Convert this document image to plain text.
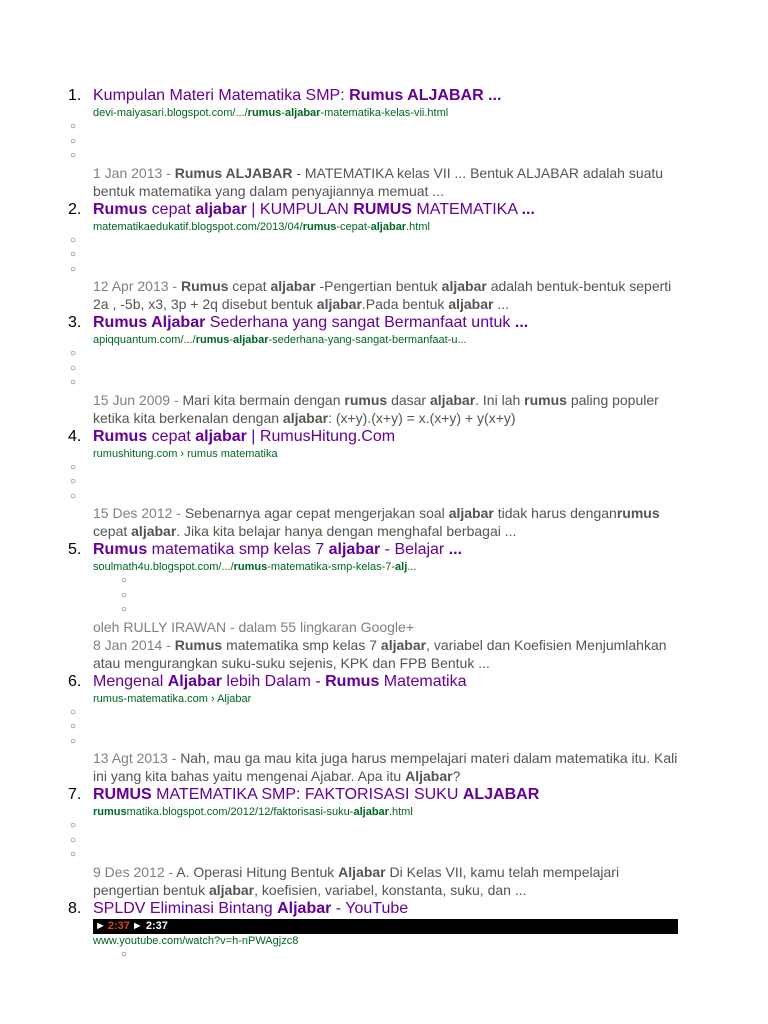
1. Kumpulan Materi Matematika SMP: Rumus ALJABAR ...
devi-maiyasari.blogspot.com/.../rumus-aljabar-matematika-kelas-vii.html
○
○
○
1 Jan 2013 - Rumus ALJABAR - MATEMATIKA kelas VII ... Bentuk ALJABAR adalah suatu bentuk matematika yang dalam penyajiannya memuat ...
2. Rumus cepat aljabar | KUMPULAN RUMUS MATEMATIKA ...
matematikaedukatif.blogspot.com/2013/04/rumus-cepat-aljabar.html
○
○
○
12 Apr 2013 - Rumus cepat aljabar -Pengertian bentuk aljabar adalah bentuk-bentuk seperti 2a , -5b, x3, 3p + 2q disebut bentuk aljabar.Pada bentuk aljabar ...
3. Rumus Aljabar Sederhana yang sangat Bermanfaat untuk ...
apiqquantum.com/.../rumus-aljabar-sederhana-yang-sangat-bermanfaat-u...
○
○
○
15 Jun 2009 - Mari kita bermain dengan rumus dasar aljabar. Ini lah rumus paling populer ketika kita berkenalan dengan aljabar: (x+y).(x+y) = x.(x+y) + y(x+y)
4. Rumus cepat aljabar | RumusHitung.Com
rumushitung.com › rumus matematika
○
○
○
15 Des 2012 - Sebenarnya agar cepat mengerjakan soal aljabar tidak harus denganrumus cepat aljabar. Jika kita belajar hanya dengan menghafal berbagai ...
5. Rumus matematika smp kelas 7 aljabar - Belajar ...
soulmath4u.blogspot.com/.../rumus-matematika-smp-kelas-7-alj...
○
○
○
oleh RULLY IRAWAN - dalam 55 lingkaran Google+
8 Jan 2014 - Rumus matematika smp kelas 7 aljabar, variabel dan Koefisien Menjumlahkan atau mengurangkan suku-suku sejenis, KPK dan FPB Bentuk ...
6. Mengenal Aljabar lebih Dalam - Rumus Matematika
rumus-matematika.com › Aljabar
○
○
○
13 Agt 2013 - Nah, mau ga mau kita juga harus mempelajari materi dalam matematika itu. Kali ini yang kita bahas yaitu mengenai Ajabar. Apa itu Aljabar?
7. RUMUS MATEMATIKA SMP: FAKTORISASI SUKU ALJABAR
rumusmatika.blogspot.com/2012/12/faktorisasi-suku-aljabar.html
○
○
○
9 Des 2012 - A. Operasi Hitung Bentuk Aljabar Di Kelas VII, kamu telah mempelajari pengertian bentuk aljabar, koefisien, variabel, konstanta, suku, dan ...
8. SPLDV Eliminasi Bintang Aljabar - YouTube
► 2:37 ► 2:37
www.youtube.com/watch?v=h-nPWAgjzc8
○
